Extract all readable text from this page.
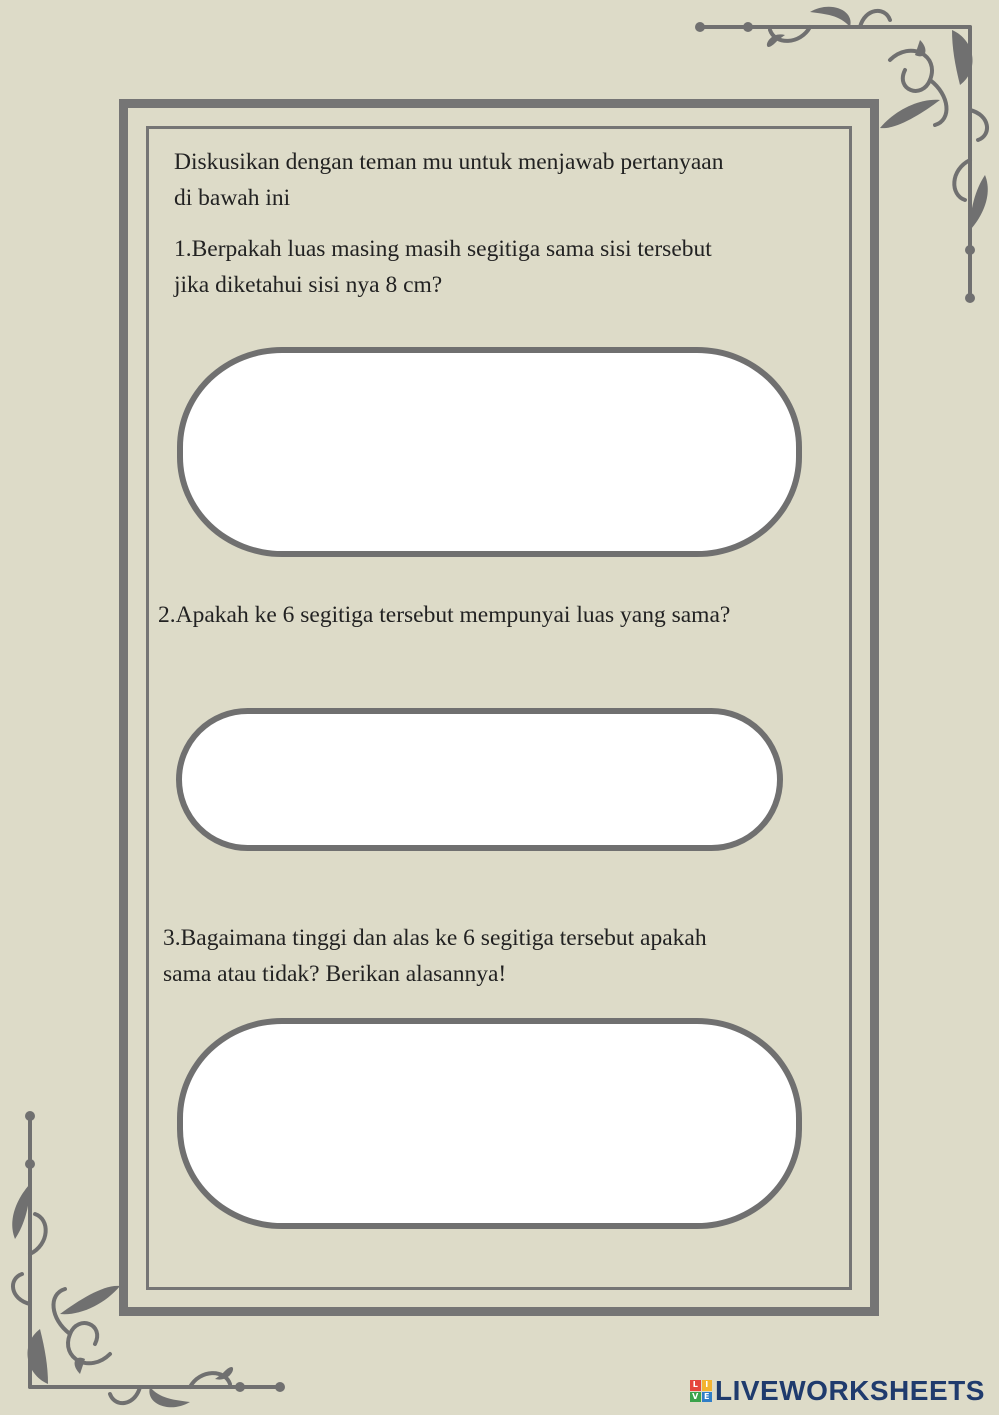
Diskusikan dengan teman mu untuk menjawab pertanyaan

di bawah ini

1.Berpakah luas masing masih segitiga sama sisi tersebut

jika diketahui sisi nya 8 cm?

2.Apakah ke 6 segitiga tersebut mempunyai luas yang sama?

3.Bagaimana tinggi dan alas ke 6 segitiga tersebut apakah

sama atau tidak? Berikan alasannya!

L I
V E LIVEWORKSHEETS
